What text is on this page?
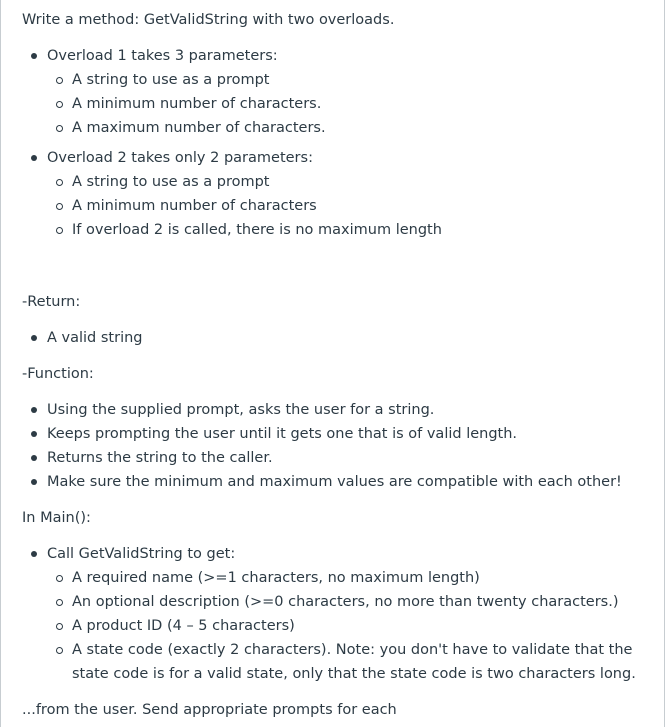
Write a method: GetValidString with two overloads.

Overload 1 takes 3 parameters:
A string to use as a prompt
A minimum number of characters.
A maximum number of characters.
Overload 2 takes only 2 parameters:
A string to use as a prompt
A minimum number of characters
If overload 2 is called, there is no maximum length

-Return:

A valid string

-Function:

Using the supplied prompt, asks the user for a string.
Keeps prompting the user until it gets one that is of valid length.
Returns the string to the caller.
Make sure the minimum and maximum values are compatible with each other!

In Main():

Call GetValidString to get:
A required name (>=1 characters, no maximum length)
An optional description (>=0 characters, no more than twenty characters.)
A product ID (4 – 5 characters)
A state code (exactly 2 characters). Note: you don't have to validate that the state code is for a valid state, only that the state code is two characters long.

...from the user. Send appropriate prompts for each
